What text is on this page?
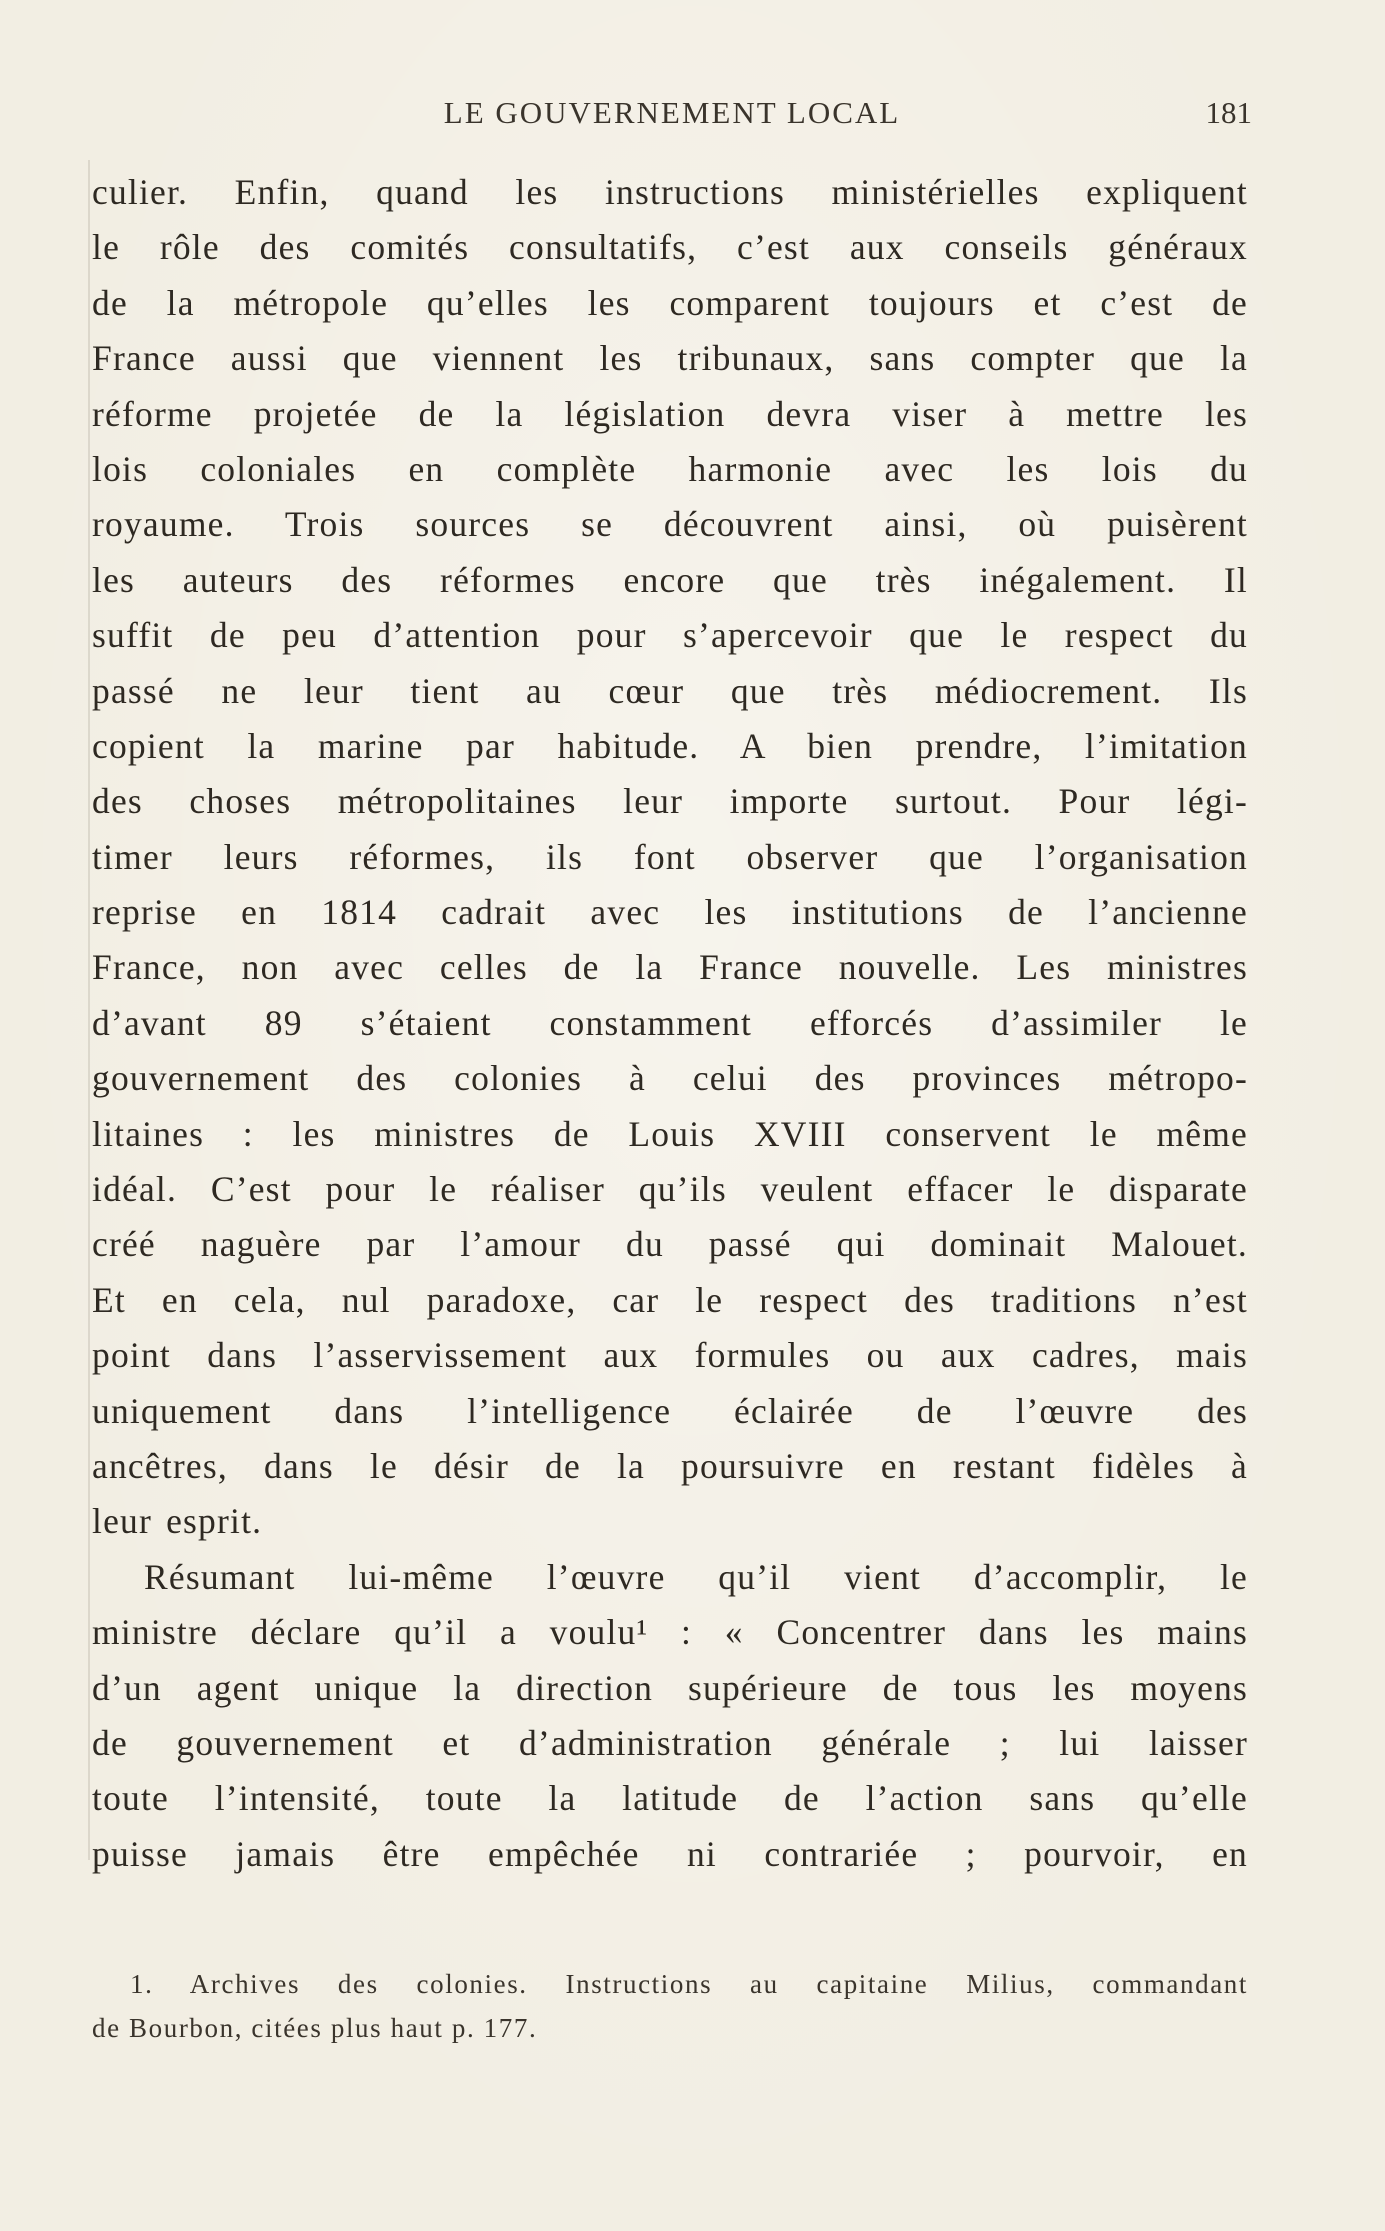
LE GOUVERNEMENT LOCAL	181
culier. Enfin, quand les instructions ministérielles expliquent
le rôle des comités consultatifs, c’est aux conseils généraux
de la métropole qu’elles les comparent toujours et c’est de
France aussi que viennent les tribunaux, sans compter que la
réforme projetée de la législation devra viser à mettre les
lois coloniales en complète harmonie avec les lois du
royaume. Trois sources se découvrent ainsi, où puisèrent
les auteurs des réformes encore que très inégalement. Il
suffit de peu d’attention pour s’apercevoir que le respect du
passé ne leur tient au cœur que très médiocrement. Ils
copient la marine par habitude. A bien prendre, l’imitation
des choses métropolitaines leur importe surtout. Pour légi-
timer leurs réformes, ils font observer que l’organisation
reprise en 1814 cadrait avec les institutions de l’ancienne
France, non avec celles de la France nouvelle. Les ministres
d’avant 89 s’étaient constamment efforcés d’assimiler le
gouvernement des colonies à celui des provinces métropo-
litaines : les ministres de Louis XVIII conservent le même
idéal. C’est pour le réaliser qu’ils veulent effacer le disparate
créé naguère par l’amour du passé qui dominait Malouet.
Et en cela, nul paradoxe, car le respect des traditions n’est
point dans l’asservissement aux formules ou aux cadres, mais
uniquement dans l’intelligence éclairée de l’œuvre des
ancêtres, dans le désir de la poursuivre en restant fidèles à
leur esprit.
Résumant lui-même l’œuvre qu’il vient d’accomplir, le
ministre déclare qu’il a voulu¹ : « Concentrer dans les mains
d’un agent unique la direction supérieure de tous les moyens
de gouvernement et d’administration générale ; lui laisser
toute l’intensité, toute la latitude de l’action sans qu’elle
puisse jamais être empêchée ni contrariée ; pourvoir, en
1. Archives des colonies. Instructions au capitaine Milius, commandant
de Bourbon, citées plus haut p. 177.
